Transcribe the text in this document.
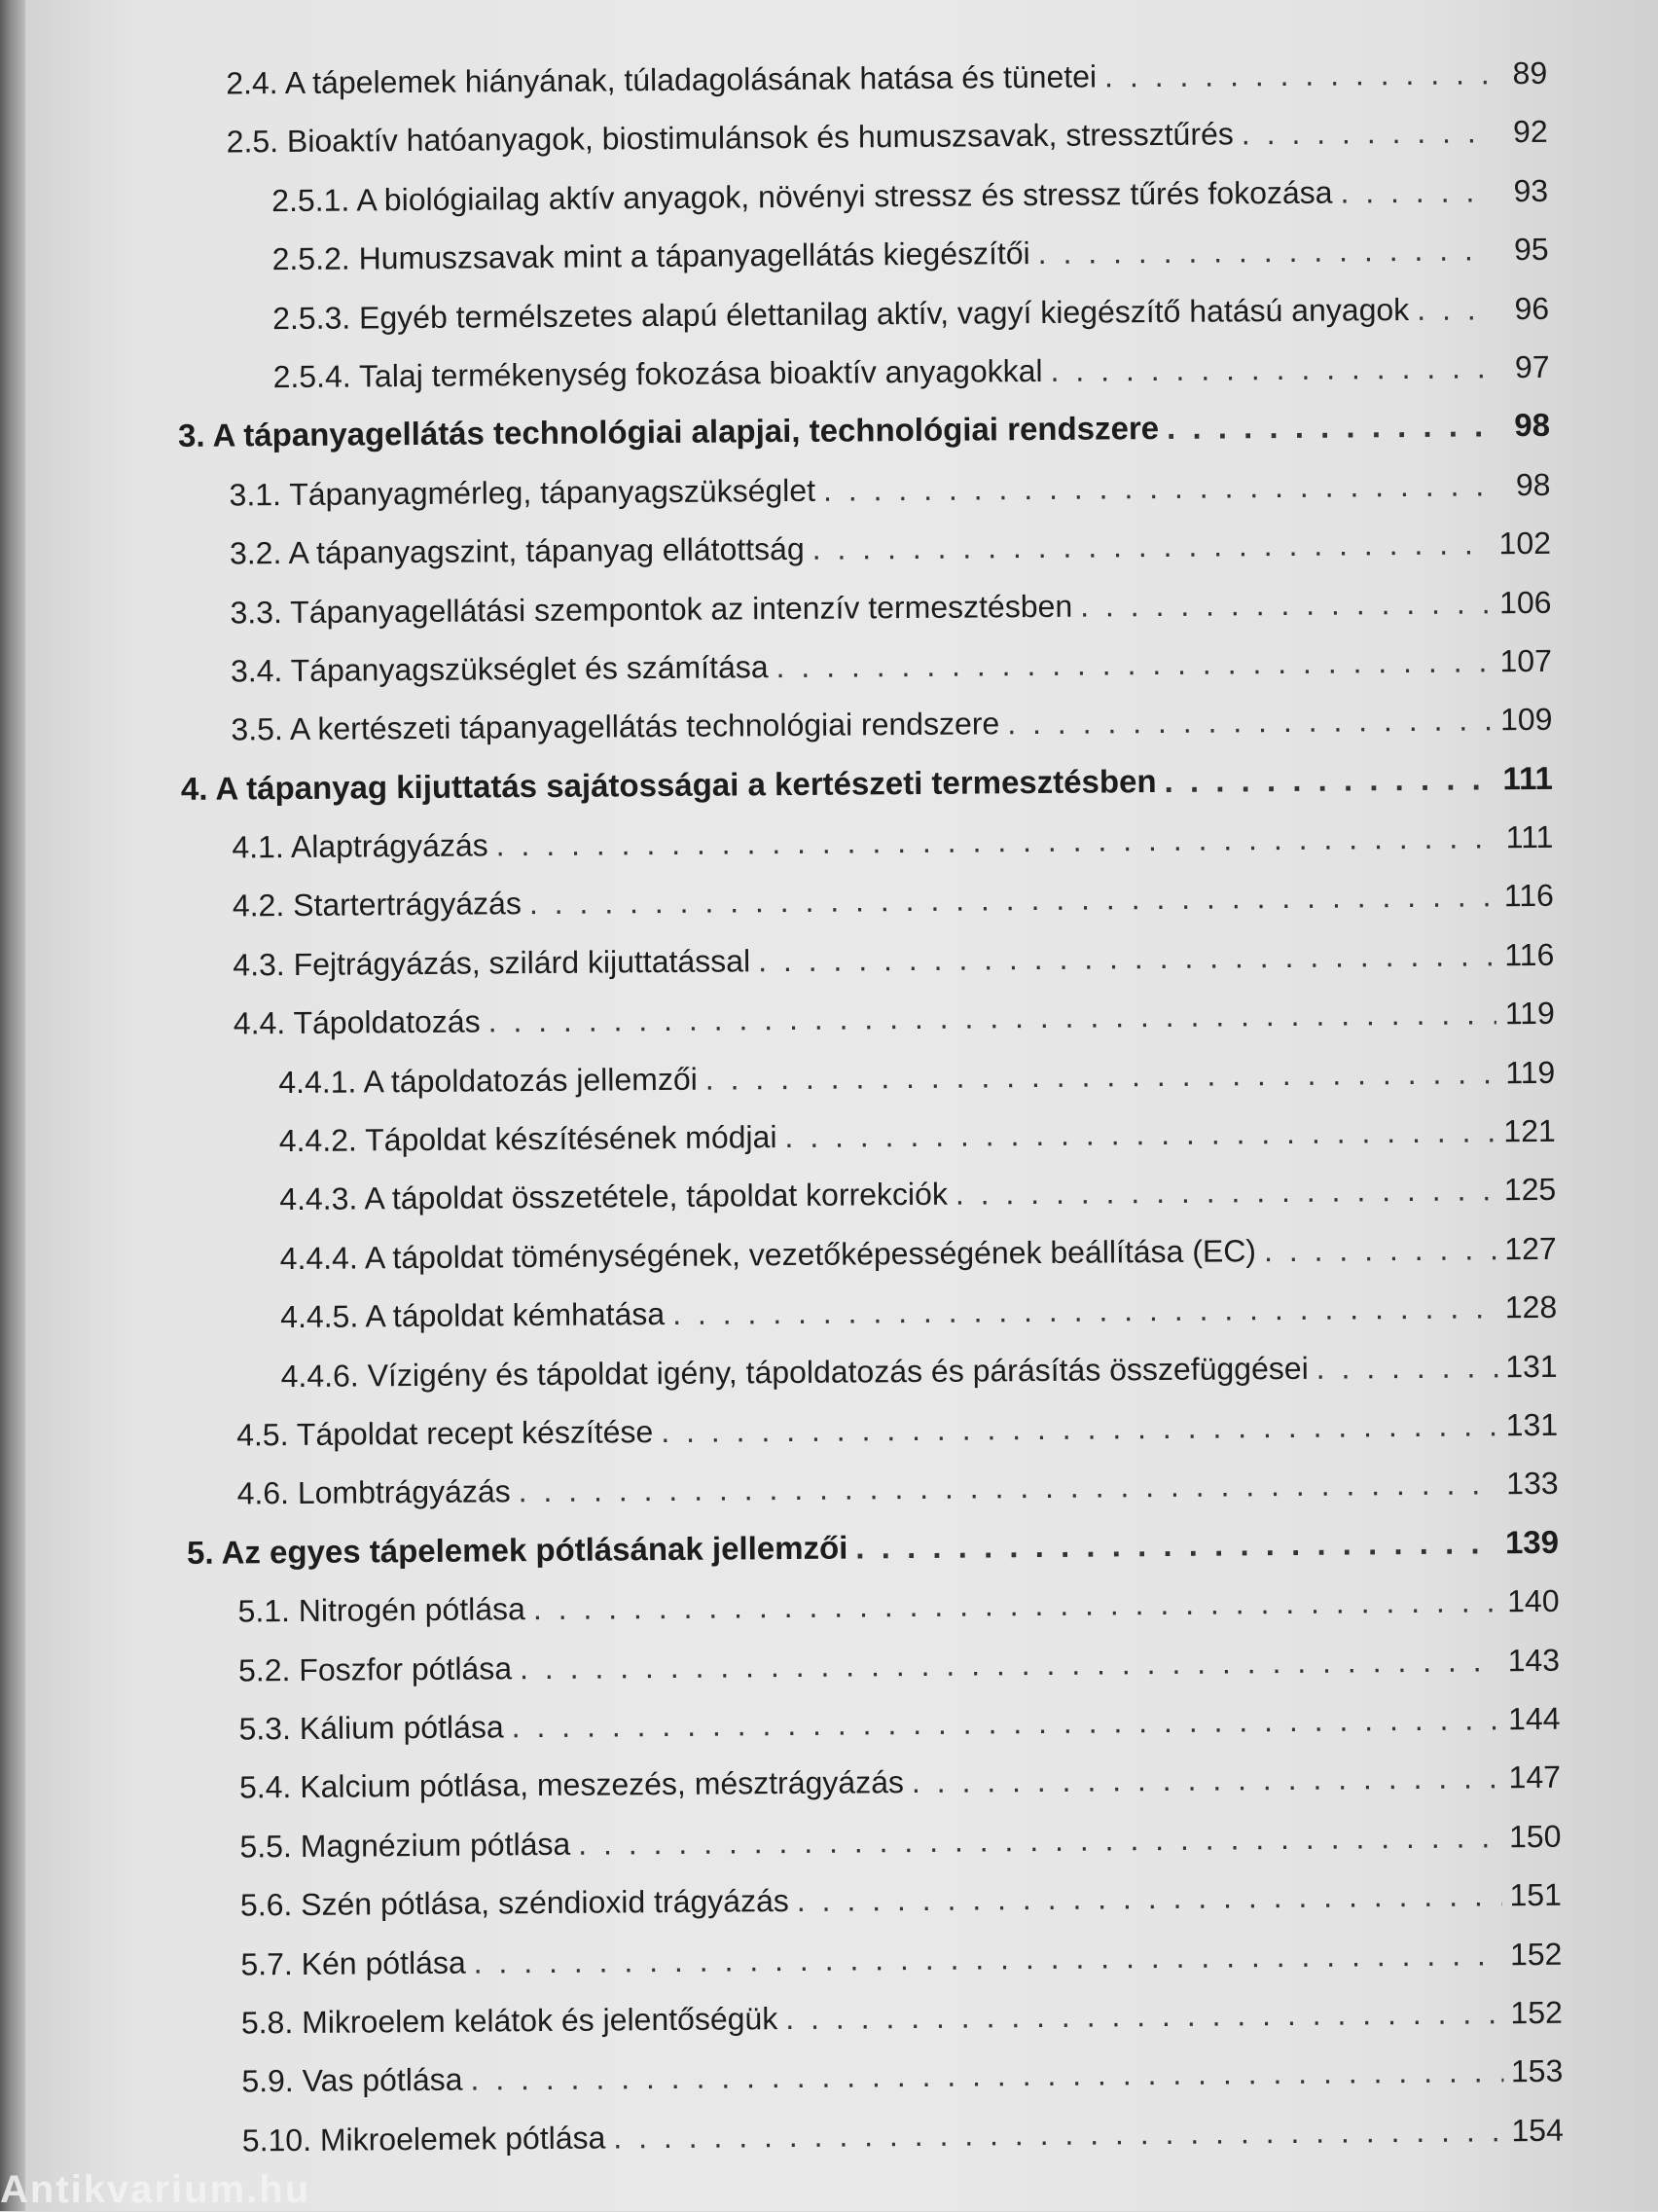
2.4. A tápelemek hiányának, túladagolásának hatása és tünetei . . .	89
2.5. Bioaktív hatóanyagok, biostimulánsok és humuszsavak, stressztűrés . . .	92
2.5.1. A biológiailag aktív anyagok, növényi stressz és stressz tűrés fokozása . . .	93
2.5.2. Humuszsavak mint a tápanyagellátás kiegészítői . . .	95
2.5.3. Egyéb termélszetes alapú élettanilag aktív, vagyí kiegészítő hatású anyagok . . .	96
2.5.4. Talaj termékenység fokozása bioaktív anyagokkal . . .	97
3. A tápanyagellátás technológiai alapjai, technológiai rendszere . . .	98
3.1. Tápanyagmérleg, tápanyagszükséglet . . .	98
3.2. A tápanyagszint, tápanyag ellátottság . . .	102
3.3. Tápanyagellátási szempontok az intenzív termesztésben . . .	106
3.4. Tápanyagszükséglet és számítása . . .	107
3.5. A kertészeti tápanyagellátás technológiai rendszere . . .	109
4. A tápanyag kijuttatás sajátosságai a kertészeti termesztésben . . .	111
4.1. Alaptrágyázás . . .	111
4.2. Startertrágyázás . . .	116
4.3. Fejtrágyázás, szilárd kijuttatással . . .	116
4.4. Tápoldatozás . . .	119
4.4.1. A tápoldatozás jellemzői . . .	119
4.4.2. Tápoldat készítésének módjai . . .	121
4.4.3. A tápoldat összetétele, tápoldat korrekciók . . .	125
4.4.4. A tápoldat töménységének, vezetőképességének beállítása (EC) . . .	127
4.4.5. A tápoldat kémhatása . . .	128
4.4.6. Vízigény és tápoldat igény, tápoldatozás és párásítás összefüggései . . .	131
4.5. Tápoldat recept készítése . . .	131
4.6. Lombtrágyázás . . .	133
5. Az egyes tápelemek pótlásának jellemzői . . .	139
5.1. Nitrogén pótlása . . .	140
5.2. Foszfor pótlása . . .	143
5.3. Kálium pótlása . . .	144
5.4. Kalcium pótlása, meszezés, mésztrágyázás . . .	147
5.5. Magnézium pótlása . . .	150
5.6. Szén pótlása, széndioxid trágyázás . . .	151
5.7. Kén pótlása . . .	152
5.8. Mikroelem kelátok és jelentőségük . . .	152
5.9. Vas pótlása . . .	153
5.10. Mikroelemek pótlása . . .	154
Antikvarium.hu
